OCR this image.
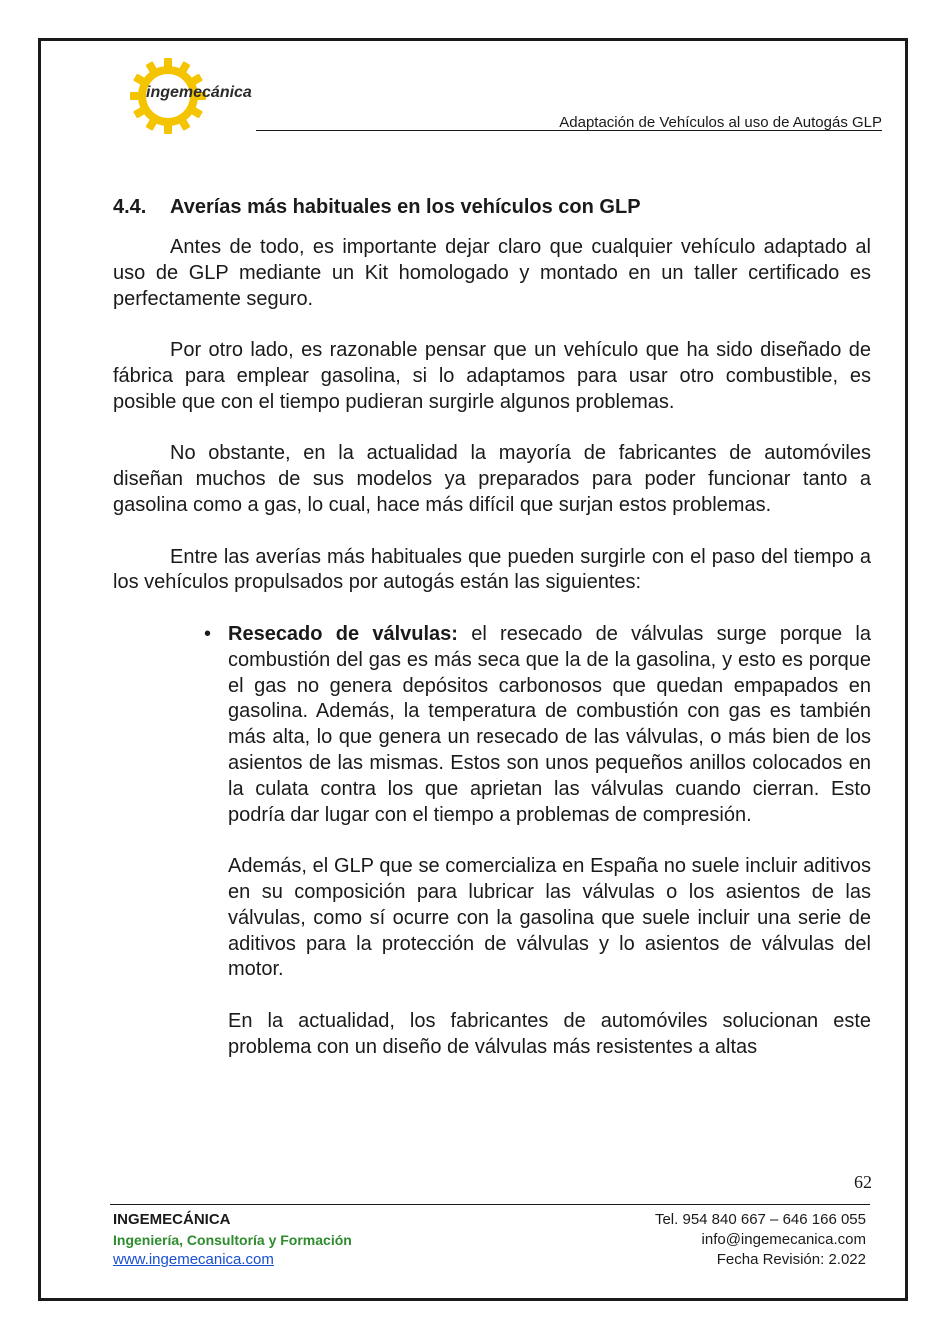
ingemecánica
Adaptación de Vehículos al uso de Autogás GLP
4.4.	Averías más habituales en los vehículos con GLP

Antes de todo, es importante dejar claro que cualquier vehículo adaptado al uso de GLP mediante un Kit homologado y montado en un taller certificado es perfectamente seguro.

Por otro lado, es razonable pensar que un vehículo que ha sido diseñado de fábrica para emplear gasolina, si lo adaptamos para usar otro combustible, es posible que con el tiempo pudieran surgirle algunos problemas.

No obstante, en la actualidad la mayoría de fabricantes de automóviles diseñan muchos de sus modelos ya preparados para poder funcionar tanto a gasolina como a gas, lo cual, hace más difícil que surjan estos problemas.

Entre las averías más habituales que pueden surgirle con el paso del tiempo a los vehículos propulsados por autogás están las siguientes:

• Resecado de válvulas: el resecado de válvulas surge porque la combustión del gas es más seca que la de la gasolina, y esto es porque el gas no genera depósitos carbonosos que quedan empapados en gasolina. Además, la temperatura de combustión con gas es también más alta, lo que genera un resecado de las válvulas, o más bien de los asientos de las mismas. Estos son unos pequeños anillos colocados en la culata contra los que aprietan las válvulas cuando cierran. Esto podría dar lugar con el tiempo a problemas de compresión.

Además, el GLP que se comercializa en España no suele incluir aditivos en su composición para lubricar las válvulas o los asientos de las válvulas, como sí ocurre con la gasolina que suele incluir una serie de aditivos para la protección de válvulas y lo asientos de válvulas del motor.

En la actualidad, los fabricantes de automóviles solucionan este problema con un diseño de válvulas más resistentes a altas

62
INGEMECÁNICA
Ingeniería, Consultoría y Formación
www.ingemecanica.com
Tel. 954 840 667 – 646 166 055
info@ingemecanica.com
Fecha Revisión: 2.022
